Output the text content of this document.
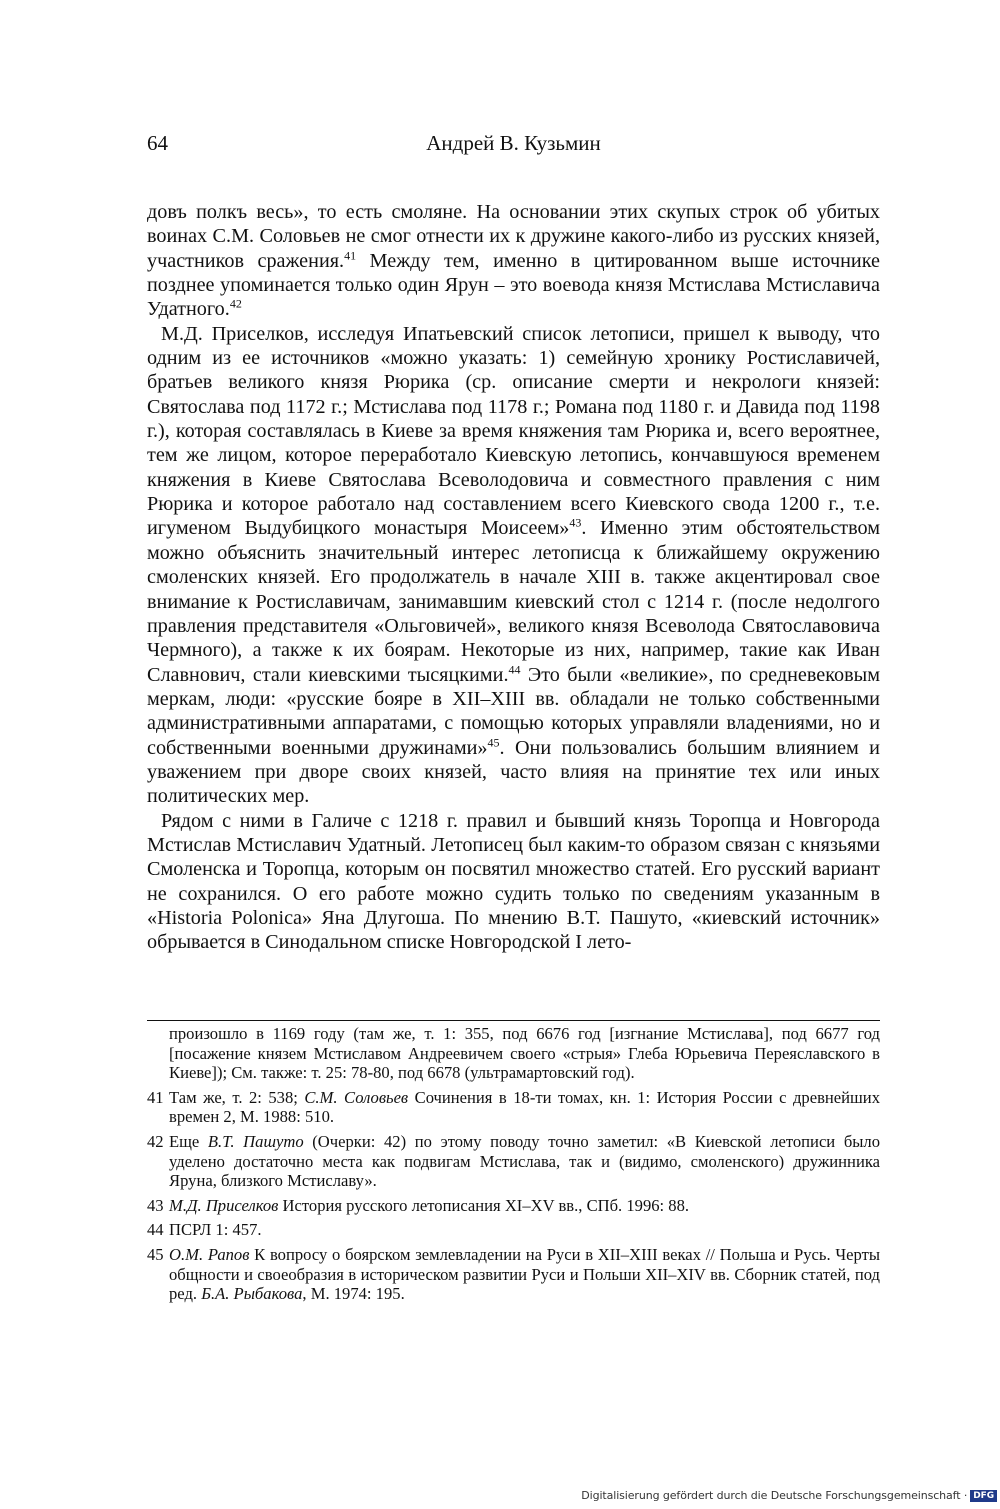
64	Андрей В. Кузьмин

довъ полкъ весь», то есть смоляне. На основании этих скупых строк об убитых воинах С.М. Соловьев не смог отнести их к дружине какого-либо из русских князей, участников сражения.$^{41}$ Между тем, именно в цитированном выше источнике позднее упоминается только один Ярун – это воевода князя Мстислава Мстиславича Удатного.$^{42}$

М.Д. Приселков, исследуя Ипатьевский список летописи, пришел к выводу, что одним из ее источников «можно указать: 1) семейную хронику Ростиславичей, братьев великого князя Рюрика (ср. описание смерти и некрологи князей: Святослава под 1172 г.; Мстислава под 1178 г.; Романа под 1180 г. и Давида под 1198 г.), которая составлялась в Киеве за время княжения там Рюрика и, всего вероятнее, тем же лицом, которое переработало Киевскую летопись, кончавшуюся временем княжения в Киеве Святослава Всеволодовича и совместного правления с ним Рюрика и которое работало над составлением всего Киевского свода 1200 г., т.е. игуменом Выдубицкого монастыря Моисеем»$^{43}$. Именно этим обстоятельством можно объяснить значительный интерес летописца к ближайшему окружению смоленских князей. Его продолжатель в начале XIII в. также акцентировал свое внимание к Ростиславичам, занимавшим киевский стол с 1214 г. (после недолгого правления представителя «Ольговичей», великого князя Всеволода Святославовича Чермного), а также к их боярам. Некоторые из них, например, такие как Иван Славнович, стали киевскими тысяцкими.$^{44}$ Это были «великие», по средневековым меркам, люди: «русские бояре в XII–XIII вв. обладали не только собственными административными аппаратами, с помощью которых управляли владениями, но и собственными военными дружинами»$^{45}$. Они пользовались большим влиянием и уважением при дворе своих князей, часто влияя на принятие тех или иных политических мер.

Рядом с ними в Галиче с 1218 г. правил и бывший князь Торопца и Новгорода Мстислав Мстиславич Удатный. Летописец был каким-то образом связан с князьями Смоленска и Торопца, которым он посвятил множество статей. Его русский вариант не сохранился. О его работе можно судить только по сведениям указанным в «Historia Polonica» Яна Длугоша. По мнению В.Т. Пашуто, «киевский источник» обрывается в Синодальном списке Новгородской I лето-

произошло в 1169 году (там же, т. 1: 355, под 6676 год [изгнание Мстислава], под 6677 год [посажение князем Мстиславом Андреевичем своего «стрыя» Глеба Юрьевича Переяславского в Киеве]); См. также: т. 25: 78-80, под 6678 (ультрамартовский год).

41 Там же, т. 2: 538; С.М. Соловьев Сочинения в 18-ти томах, кн. 1: История России с древнейших времен 2, М. 1988: 510.

42 Еще В.Т. Пашуто (Очерки: 42) по этому поводу точно заметил: «В Киевской летописи было уделено достаточно места как подвигам Мстислава, так и (видимо, смоленского) дружинника Яруна, близкого Мстиславу».

43 М.Д. Приселков История русского летописания XI–XV вв., СПб. 1996: 88.

44 ПСРЛ 1: 457.

45 О.М. Рапов К вопросу о боярском землевладении на Руси в XII–XIII веках // Польша и Русь. Черты общности и своеобразия в историческом развитии Руси и Польши XII–XIV вв. Сборник статей, под ред. Б.А. Рыбакова, М. 1974: 195.

Digitalisierung gefördert durch die Deutsche Forschungsgemeinschaft · DFG
